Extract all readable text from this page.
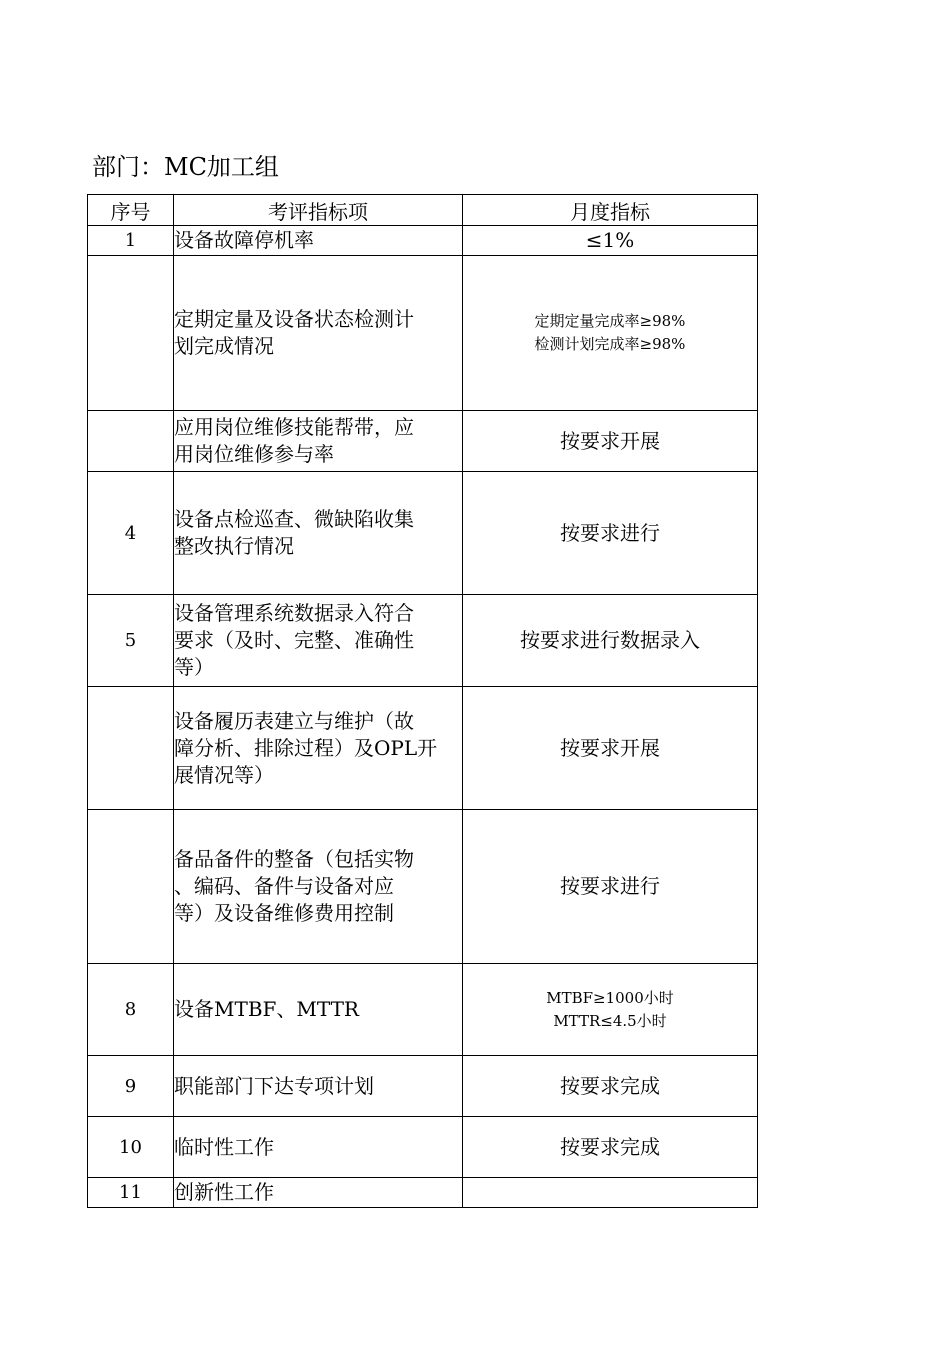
部门：MC加工组
序号	考评指标项	月度指标
1	设备故障停机率	≤1%

	定期定量及设备状态检测计
划完成情况	定期定量完成率≥98%
检测计划完成率≥98%

	应用岗位维修技能帮带，应
用岗位维修参与率	按要求开展

4	设备点检巡查、微缺陷收集
整改执行情况	按要求进行

5	设备管理系统数据录入符合
要求（及时、完整、准确性
等）	按要求进行数据录入

	设备履历表建立与维护（故
障分析、排除过程）及OPL开
展情况等）	按要求开展

	备品备件的整备（包括实物
、编码、备件与设备对应
等）及设备维修费用控制	按要求进行

8	设备MTBF、MTTR	MTBF≥1000小时
MTTR≤4.5小时

9	职能部门下达专项计划	按要求完成

10	临时性工作	按要求完成

11	创新性工作	
